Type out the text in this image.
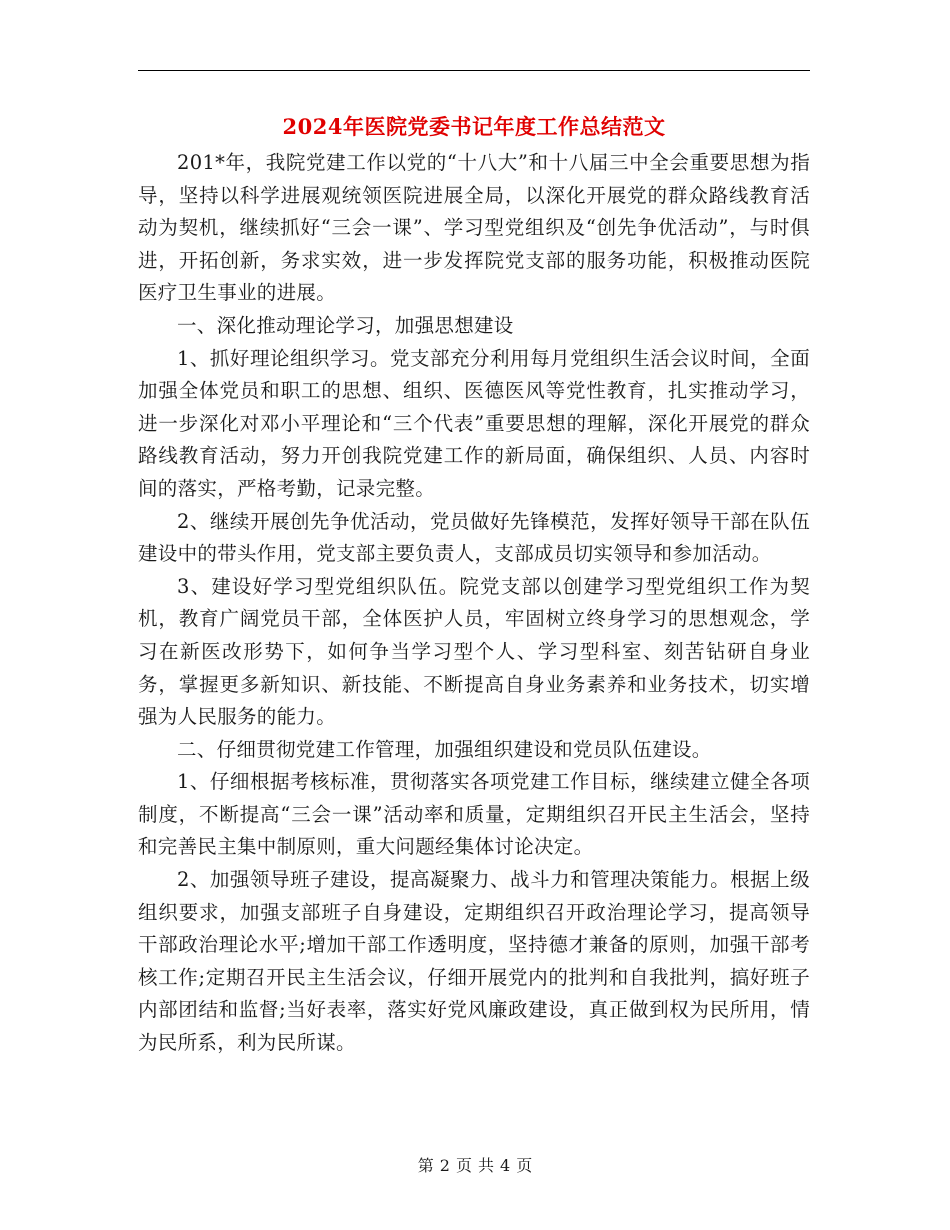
2024年医院党委书记年度工作总结范文

201*年，我院党建工作以党的“十八大”和十八届三中全会重要思想为指导，坚持以科学进展观统领医院进展全局，以深化开展党的群众路线教育活动为契机，继续抓好“三会一课”、学习型党组织及“创先争优活动”，与时俱进，开拓创新，务求实效，进一步发挥院党支部的服务功能，积极推动医院医疗卫生事业的进展。

一、深化推动理论学习，加强思想建设

1、抓好理论组织学习。党支部充分利用每月党组织生活会议时间，全面加强全体党员和职工的思想、组织、医德医风等党性教育，扎实推动学习，进一步深化对邓小平理论和“三个代表”重要思想的理解，深化开展党的群众路线教育活动，努力开创我院党建工作的新局面，确保组织、人员、内容时间的落实，严格考勤，记录完整。

2、继续开展创先争优活动，党员做好先锋模范，发挥好领导干部在队伍建设中的带头作用，党支部主要负责人，支部成员切实领导和参加活动。

3、建设好学习型党组织队伍。院党支部以创建学习型党组织工作为契机，教育广阔党员干部，全体医护人员，牢固树立终身学习的思想观念，学习在新医改形势下，如何争当学习型个人、学习型科室、刻苦钻研自身业务，掌握更多新知识、新技能、不断提高自身业务素养和业务技术，切实增强为人民服务的能力。

二、仔细贯彻党建工作管理，加强组织建设和党员队伍建设。

1、仔细根据考核标准，贯彻落实各项党建工作目标，继续建立健全各项制度，不断提高“三会一课”活动率和质量，定期组织召开民主生活会，坚持和完善民主集中制原则，重大问题经集体讨论决定。

2、加强领导班子建设，提高凝聚力、战斗力和管理决策能力。根据上级组织要求，加强支部班子自身建设，定期组织召开政治理论学习，提高领导干部政治理论水平;增加干部工作透明度，坚持德才兼备的原则，加强干部考核工作;定期召开民主生活会议，仔细开展党内的批判和自我批判，搞好班子内部团结和监督;当好表率，落实好党风廉政建设，真正做到权为民所用，情为民所系，利为民所谋。

第 2 页 共 4 页
